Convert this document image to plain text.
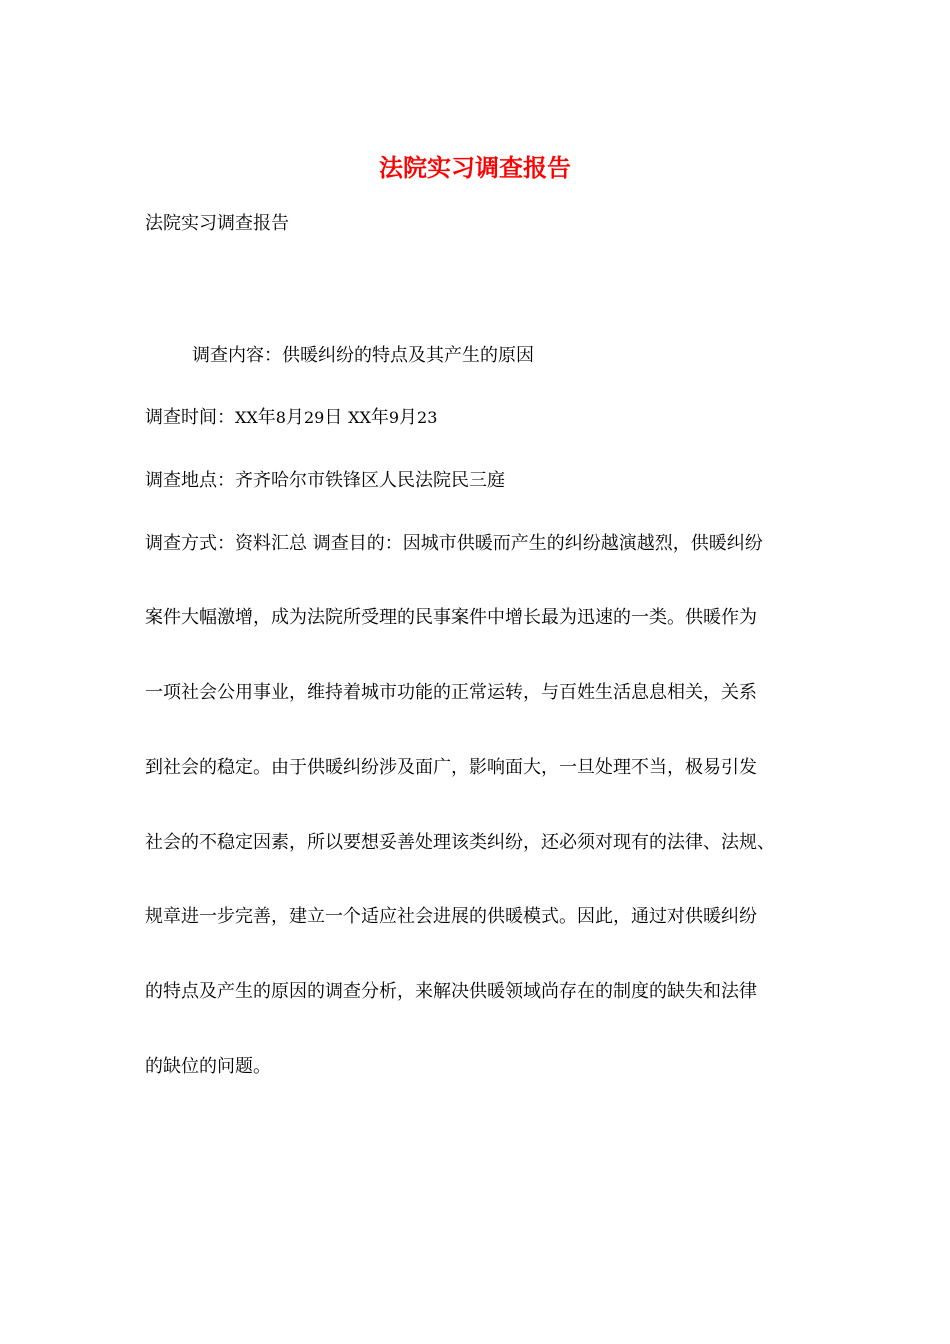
法院实习调查报告
法院实习调查报告
调查内容：供暖纠纷的特点及其产生的原因
调查时间：XX年8月29日 XX年9月23
调查地点：齐齐哈尔市铁锋区人民法院民三庭
调查方式：资料汇总 调查目的：因城市供暖而产生的纠纷越演越烈，供暖纠纷
案件大幅激增，成为法院所受理的民事案件中增长最为迅速的一类。供暖作为
一项社会公用事业，维持着城市功能的正常运转，与百姓生活息息相关，关系
到社会的稳定。由于供暖纠纷涉及面广，影响面大，一旦处理不当，极易引发
社会的不稳定因素，所以要想妥善处理该类纠纷，还必须对现有的法律、法规、
规章进一步完善，建立一个适应社会进展的供暖模式。因此，通过对供暖纠纷
的特点及产生的原因的调查分析，来解决供暖领域尚存在的制度的缺失和法律
的缺位的问题。
